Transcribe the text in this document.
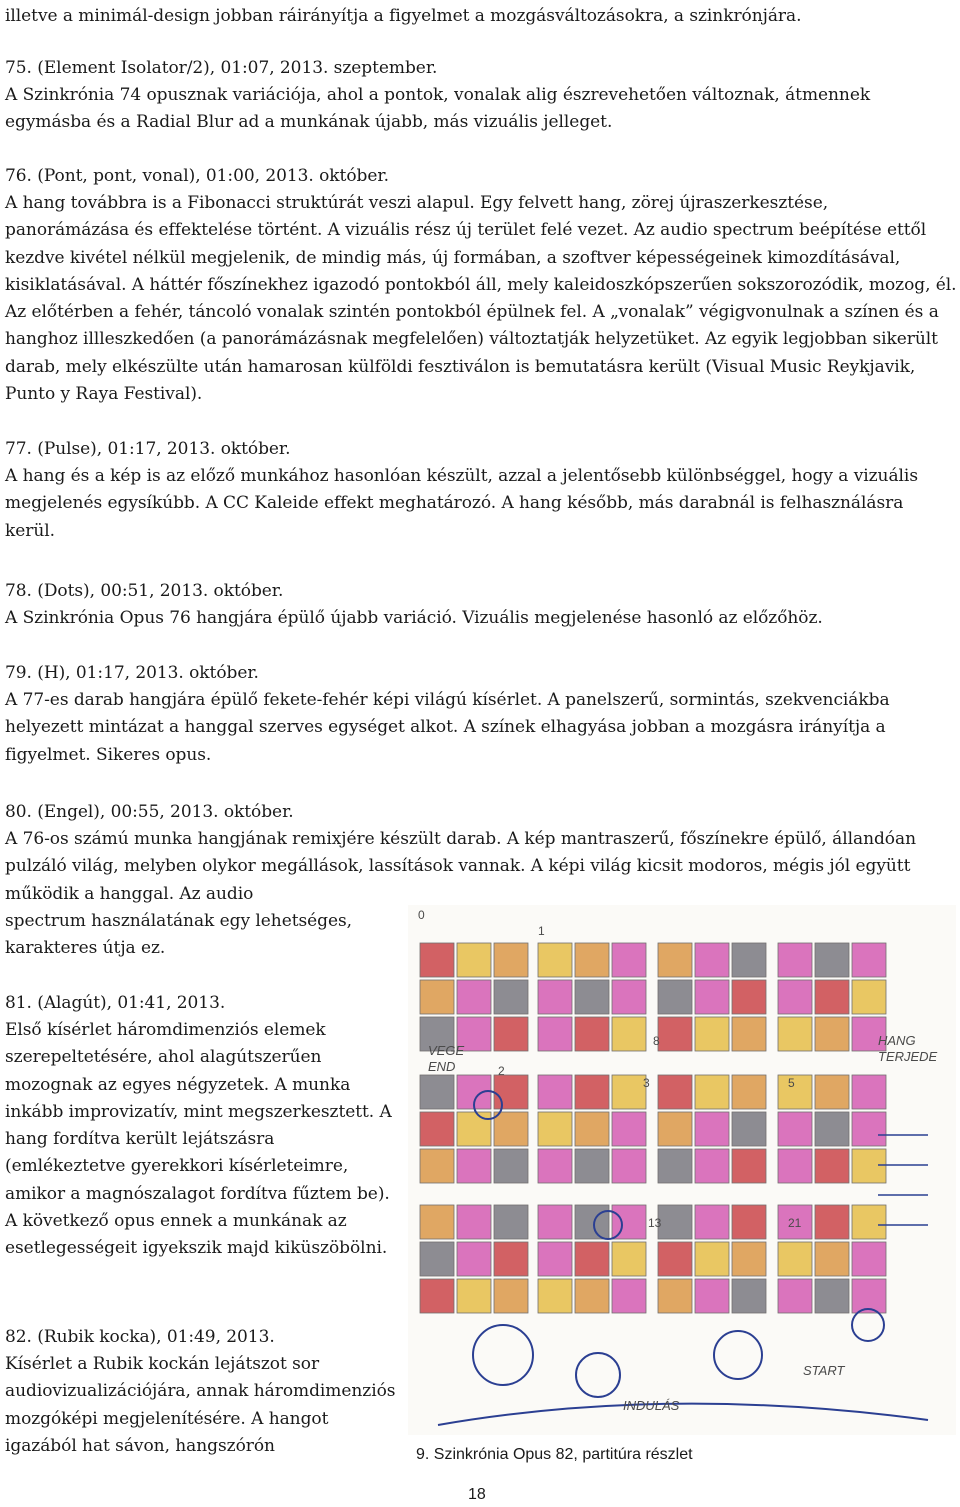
illetve a minimál-design jobban ráirányítja a figyelmet a mozgásváltozásokra, a szinkrónjára.

75. (Element Isolator/2), 01:07, 2013. szeptember.

A Szinkrónia 74 opusznak variációja, ahol a pontok, vonalak alig észrevehetően változnak, átmennek egymásba és a Radial Blur ad a munkának újabb, más vizuális jelleget.

76. (Pont, pont, vonal), 01:00, 2013. október.

A hang továbbra is a Fibonacci struktúrát veszi alapul. Egy felvett hang, zörej újraszerkesztése, panorámázása és effektelése történt. A vizuális rész új terület felé vezet. Az audio spectrum beépítése ettől kezdve kivétel nélkül megjelenik, de mindig más, új formában, a szoftver képességeinek kimozdításával, kisiklatásával. A háttér főszínekhez igazodó pontokból áll, mely kaleidoszkópszerűen sokszorozódik, mozog, él. Az előtérben a fehér, táncoló vonalak szintén pontokból épülnek fel. A „vonalak” végigvonulnak a színen és a hanghoz illleszkedően (a panorámázásnak megfelelően) változtatják helyzetüket. Az egyik legjobban sikerült darab, mely elkészülte után hamarosan külföldi fesztiválon is bemutatásra került (Visual Music Reykjavik, Punto y Raya Festival).

77. (Pulse), 01:17, 2013. október.

A hang és a kép is az előző munkához hasonlóan készült, azzal a jelentősebb különbséggel, hogy a vizuális megjelenés egysíkúbb. A CC Kaleide effekt meghatározó. A hang később, más darabnál is felhasználásra kerül.

78. (Dots), 00:51, 2013. október.

A Szinkrónia Opus 76 hangjára épülő újabb variáció. Vizuális megjelenése hasonló az előzőhöz.

79. (H), 01:17, 2013. október.

A 77-es darab hangjára épülő fekete-fehér képi világú kísérlet. A panelszerű, sormintás, szekvenciákba helyezett mintázat a hanggal szerves egységet alkot. A színek elhagyása jobban a mozgásra irányítja a figyelmet. Sikeres opus.

80. (Engel), 00:55, 2013. október.

A 76-os számú munka hangjának remixjére készült darab. A kép mantraszerű, főszínekre épülő, állandóan pulzáló világ, melyben olykor megállások, lassítások vannak. A képi világ kicsit modoros, mégis jól együtt működik a hanggal. Az audio

spectrum használatának egy lehetséges, karakteres útja ez.

81. (Alagút), 01:41, 2013.

Első kísérlet háromdimenziós elemek szerepeltetésére, ahol alagútszerűen mozognak az egyes négyzetek. A munka inkább improvizatív, mint megszerkesztett. A hang fordítva került lejátszásra (emlékeztetve gyerekkori kísérleteimre, amikor a magnószalagot fordítva fűztem be). A következő opus ennek a munkának az esetlegességeit igyekszik majd kiküszöbölni.

82. (Rubik kocka), 01:49, 2013.

Kísérlet a Rubik kockán lejátszot sor audiovizualizációjára, annak háromdimenziós mozgóképi megjelenítésére. A hangot igazából hat sávon, hangszórón

0
1
2
3	5
8
13	21
VEGE
END
HANG
TERJEDE
START
INDULÁS
9. Szinkrónia Opus 82, partitúra részlet
18
